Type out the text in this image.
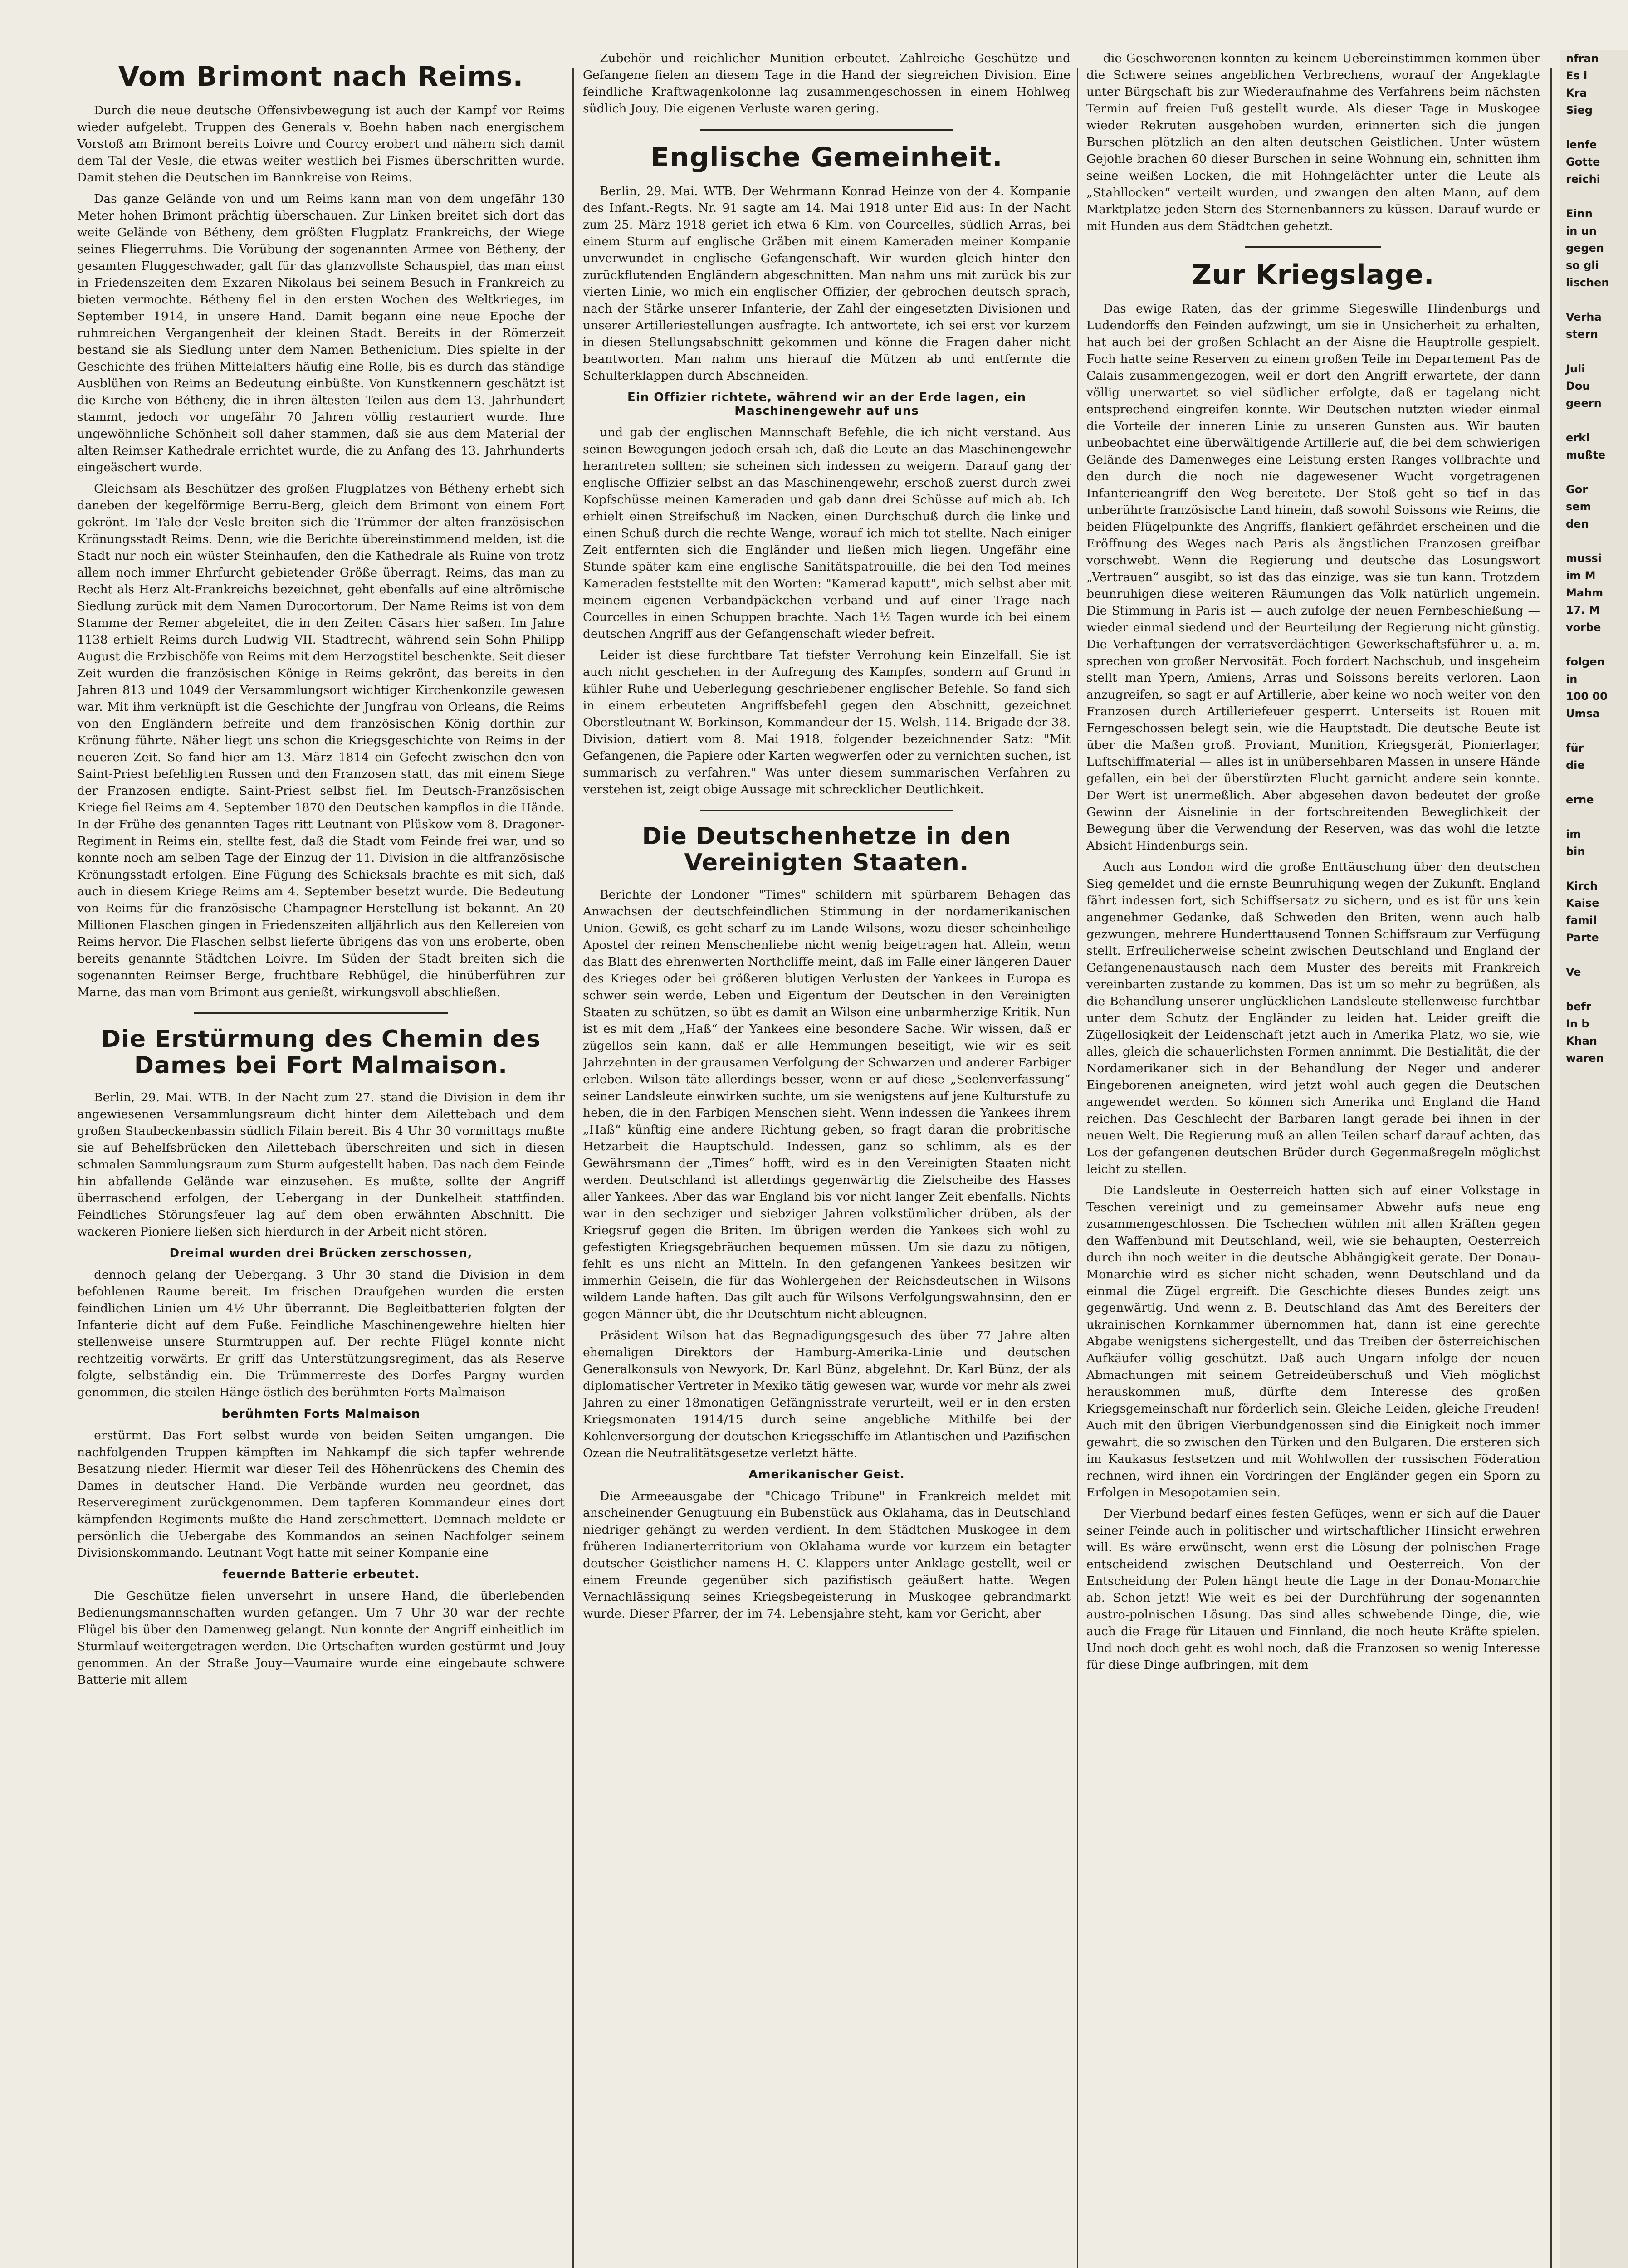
Vom Brimont nach Reims.

Durch die neue deutsche Offensivbewegung ist auch der Kampf vor Reims wieder aufgelebt. Truppen des Generals v. Boehn haben nach energischem Vorstoß am Brimont bereits Loivre und Courcy erobert und nähern sich damit dem Tal der Vesle, die etwas weiter westlich bei Fismes überschritten wurde. Damit stehen die Deutschen im Bannkreise von Reims.

Das ganze Gelände von und um Reims kann man von dem ungefähr 130 Meter hohen Brimont prächtig überschauen. Zur Linken breitet sich dort das weite Gelände von Bétheny, dem größten Flugplatz Frankreichs, der Wiege seines Fliegerruhms. Die Vorübung der sogenannten Armee von Bétheny, der gesamten Fluggeschwader, galt für das glanzvollste Schauspiel, das man einst in Friedenszeiten dem Exzaren Nikolaus bei seinem Besuch in Frankreich zu bieten vermochte. Bétheny fiel in den ersten Wochen des Weltkrieges, im September 1914, in unsere Hand. Damit begann eine neue Epoche der ruhmreichen Vergangenheit der kleinen Stadt. Bereits in der Römerzeit bestand sie als Siedlung unter dem Namen Bethenicium. Dies spielte in der Geschichte des frühen Mittelalters häufig eine Rolle, bis es durch das ständige Ausblühen von Reims an Bedeutung einbüßte. Von Kunstkennern geschätzt ist die Kirche von Bétheny, die in ihren ältesten Teilen aus dem 13. Jahrhundert stammt, jedoch vor ungefähr 70 Jahren völlig restauriert wurde. Ihre ungewöhnliche Schönheit soll daher stammen, daß sie aus dem Material der alten Reimser Kathedrale errichtet wurde, die zu Anfang des 13. Jahrhunderts eingeäschert wurde.

Gleichsam als Beschützer des großen Flugplatzes von Bétheny erhebt sich daneben der kegelförmige Berru-Berg, gleich dem Brimont von einem Fort gekrönt. Im Tale der Vesle breiten sich die Trümmer der alten französischen Krönungsstadt Reims. Denn, wie die Berichte übereinstimmend melden, ist die Stadt nur noch ein wüster Steinhaufen, den die Kathedrale als Ruine von trotz allem noch immer Ehrfurcht gebietender Größe überragt. Reims, das man zu Recht als Herz Alt-Frankreichs bezeichnet, geht ebenfalls auf eine altrömische Siedlung zurück mit dem Namen Durocortorum. Der Name Reims ist von dem Stamme der Remer abgeleitet, die in den Zeiten Cäsars hier saßen. Im Jahre 1138 erhielt Reims durch Ludwig VII. Stadtrecht, während sein Sohn Philipp August die Erzbischöfe von Reims mit dem Herzogstitel beschenkte. Seit dieser Zeit wurden die französischen Könige in Reims gekrönt, das bereits in den Jahren 813 und 1049 der Versammlungsort wichtiger Kirchenkonzile gewesen war. Mit ihm verknüpft ist die Geschichte der Jungfrau von Orleans, die Reims von den Engländern befreite und dem französischen König dorthin zur Krönung führte. Näher liegt uns schon die Kriegsgeschichte von Reims in der neueren Zeit. So fand hier am 13. März 1814 ein Gefecht zwischen den von Saint-Priest befehligten Russen und den Franzosen statt, das mit einem Siege der Franzosen endigte. Saint-Priest selbst fiel. Im Deutsch-Französischen Kriege fiel Reims am 4. September 1870 den Deutschen kampflos in die Hände. In der Frühe des genannten Tages ritt Leutnant von Plüskow vom 8. Dragoner-Regiment in Reims ein, stellte fest, daß die Stadt vom Feinde frei war, und so konnte noch am selben Tage der Einzug der 11. Division in die altfranzösische Krönungsstadt erfolgen. Eine Fügung des Schicksals brachte es mit sich, daß auch in diesem Kriege Reims am 4. September besetzt wurde. Die Bedeutung von Reims für die französische Champagner-Herstellung ist bekannt. An 20 Millionen Flaschen gingen in Friedenszeiten alljährlich aus den Kellereien von Reims hervor. Die Flaschen selbst lieferte übrigens das von uns eroberte, oben bereits genannte Städtchen Loivre. Im Süden der Stadt breiten sich die sogenannten Reimser Berge, fruchtbare Rebhügel, die hinüberführen zur Marne, das man vom Brimont aus genießt, wirkungsvoll abschließen.

Die Erstürmung des Chemin des Dames bei Fort Malmaison.

Berlin, 29. Mai. WTB. In der Nacht zum 27. stand die Division in dem ihr angewiesenen Versammlungsraum dicht hinter dem Ailettebach und dem großen Staubeckenbassin südlich Filain bereit. Bis 4 Uhr 30 vormittags mußte sie auf Behelfsbrücken den Ailettebach überschreiten und sich in diesen schmalen Sammlungsraum zum Sturm aufgestellt haben. Das nach dem Feinde hin abfallende Gelände war einzusehen. Es mußte, sollte der Angriff überraschend erfolgen, der Uebergang in der Dunkelheit stattfinden. Feindliches Störungsfeuer lag auf dem oben erwähnten Abschnitt. Die wackeren Pioniere ließen sich hierdurch in der Arbeit nicht stören.

Dreimal wurden drei Brücken zerschossen,

dennoch gelang der Uebergang. 3 Uhr 30 stand die Division in dem befohlenen Raume bereit. Im frischen Draufgehen wurden die ersten feindlichen Linien um 4½ Uhr überrannt. Die Begleitbatterien folgten der Infanterie dicht auf dem Fuße. Feindliche Maschinengewehre hielten hier stellenweise unsere Sturmtruppen auf. Der rechte Flügel konnte nicht rechtzeitig vorwärts. Er griff das Unterstützungsregiment, das als Reserve folgte, selbständig ein. Die Trümmerreste des Dorfes Pargny wurden genommen, die steilen Hänge östlich des berühmten Forts Malmaison

berühmten Forts Malmaison

erstürmt. Das Fort selbst wurde von beiden Seiten umgangen. Die nachfolgenden Truppen kämpften im Nahkampf die sich tapfer wehrende Besatzung nieder. Hiermit war dieser Teil des Höhenrückens des Chemin des Dames in deutscher Hand. Die Verbände wurden neu geordnet, das Reserveregiment zurückgenommen. Dem tapferen Kommandeur eines dort kämpfenden Regiments mußte die Hand zerschmettert. Demnach meldete er persönlich die Uebergabe des Kommandos an seinen Nachfolger seinem Divisionskommando. Leutnant Vogt hatte mit seiner Kompanie eine

feuernde Batterie erbeutet.

Die Geschütze fielen unversehrt in unsere Hand, die überlebenden Bedienungsmannschaften wurden gefangen. Um 7 Uhr 30 war der rechte Flügel bis über den Damenweg gelangt. Nun konnte der Angriff einheitlich im Sturmlauf weitergetragen werden. Die Ortschaften wurden gestürmt und Jouy genommen. An der Straße Jouy—Vaumaire wurde eine eingebaute schwere Batterie mit allem

Zubehör und reichlicher Munition erbeutet. Zahlreiche Geschütze und Gefangene fielen an diesem Tage in die Hand der siegreichen Division. Eine feindliche Kraftwagenkolonne lag zusammengeschossen in einem Hohlweg südlich Jouy. Die eigenen Verluste waren gering.

Englische Gemeinheit.

Berlin, 29. Mai. WTB. Der Wehrmann Konrad Heinze von der 4. Kompanie des Infant.-Regts. Nr. 91 sagte am 14. Mai 1918 unter Eid aus: In der Nacht zum 25. März 1918 geriet ich etwa 6 Klm. von Courcelles, südlich Arras, bei einem Sturm auf englische Gräben mit einem Kameraden meiner Kompanie unverwundet in englische Gefangenschaft. Wir wurden gleich hinter den zurückflutenden Engländern abgeschnitten. Man nahm uns mit zurück bis zur vierten Linie, wo mich ein englischer Offizier, der gebrochen deutsch sprach, nach der Stärke unserer Infanterie, der Zahl der eingesetzten Divisionen und unserer Artilleriestellungen ausfragte. Ich antwortete, ich sei erst vor kurzem in diesen Stellungsabschnitt gekommen und könne die Fragen daher nicht beantworten. Man nahm uns hierauf die Mützen ab und entfernte die Schulterklappen durch Abschneiden.

Ein Offizier richtete, während wir an der Erde lagen, ein Maschinengewehr auf uns

und gab der englischen Mannschaft Befehle, die ich nicht verstand. Aus seinen Bewegungen jedoch ersah ich, daß die Leute an das Maschinengewehr herantreten sollten; sie scheinen sich indessen zu weigern. Darauf gang der englische Offizier selbst an das Maschinengewehr, erschoß zuerst durch zwei Kopfschüsse meinen Kameraden und gab dann drei Schüsse auf mich ab. Ich erhielt einen Streifschuß im Nacken, einen Durchschuß durch die linke und einen Schuß durch die rechte Wange, worauf ich mich tot stellte. Nach einiger Zeit entfernten sich die Engländer und ließen mich liegen. Ungefähr eine Stunde später kam eine englische Sanitätspatrouille, die bei den Tod meines Kameraden feststellte mit den Worten: "Kamerad kaputt", mich selbst aber mit meinem eigenen Verbandpäckchen verband und auf einer Trage nach Courcelles in einen Schuppen brachte. Nach 1½ Tagen wurde ich bei einem deutschen Angriff aus der Gefangenschaft wieder befreit.

Leider ist diese furchtbare Tat tiefster Verrohung kein Einzelfall. Sie ist auch nicht geschehen in der Aufregung des Kampfes, sondern auf Grund in kühler Ruhe und Ueberlegung geschriebener englischer Befehle. So fand sich in einem erbeuteten Angriffsbefehl gegen den Abschnitt, gezeichnet Oberstleutnant W. Borkinson, Kommandeur der 15. Welsh. 114. Brigade der 38. Division, datiert vom 8. Mai 1918, folgender bezeichnender Satz: "Mit Gefangenen, die Papiere oder Karten wegwerfen oder zu vernichten suchen, ist summarisch zu verfahren." Was unter diesem summarischen Verfahren zu verstehen ist, zeigt obige Aussage mit schrecklicher Deutlichkeit.

Die Deutschenhetze in den Vereinigten Staaten.

Berichte der Londoner "Times" schildern mit spürbarem Behagen das Anwachsen der deutschfeindlichen Stimmung in der nordamerikanischen Union. Gewiß, es geht scharf zu im Lande Wilsons, wozu dieser scheinheilige Apostel der reinen Menschenliebe nicht wenig beigetragen hat. Allein, wenn das Blatt des ehrenwerten Northcliffe meint, daß im Falle einer längeren Dauer des Krieges oder bei größeren blutigen Verlusten der Yankees in Europa es schwer sein werde, Leben und Eigentum der Deutschen in den Vereinigten Staaten zu schützen, so übt es damit an Wilson eine unbarmherzige Kritik. Nun ist es mit dem „Haß“ der Yankees eine besondere Sache. Wir wissen, daß er zügellos sein kann, daß er alle Hemmungen beseitigt, wie wir es seit Jahrzehnten in der grausamen Verfolgung der Schwarzen und anderer Farbiger erleben. Wilson täte allerdings besser, wenn er auf diese „Seelenverfassung“ seiner Landsleute einwirken suchte, um sie wenigstens auf jene Kulturstufe zu heben, die in den Farbigen Menschen sieht. Wenn indessen die Yankees ihrem „Haß“ künftig eine andere Richtung geben, so fragt daran die probritische Hetzarbeit die Hauptschuld. Indessen, ganz so schlimm, als es der Gewährsmann der „Times“ hofft, wird es in den Vereinigten Staaten nicht werden. Deutschland ist allerdings gegenwärtig die Zielscheibe des Hasses aller Yankees. Aber das war England bis vor nicht langer Zeit ebenfalls. Nichts war in den sechziger und siebziger Jahren volkstümlicher drüben, als der Kriegsruf gegen die Briten. Im übrigen werden die Yankees sich wohl zu gefestigten Kriegsgebräuchen bequemen müssen. Um sie dazu zu nötigen, fehlt es uns nicht an Mitteln. In den gefangenen Yankees besitzen wir immerhin Geiseln, die für das Wohlergehen der Reichsdeutschen in Wilsons wildem Lande haften. Das gilt auch für Wilsons Verfolgungswahnsinn, den er gegen Männer übt, die ihr Deutschtum nicht ableugnen.

Präsident Wilson hat das Begnadigungsgesuch des über 77 Jahre alten ehemaligen Direktors der Hamburg-Amerika-Linie und deutschen Generalkonsuls von Newyork, Dr. Karl Bünz, abgelehnt. Dr. Karl Bünz, der als diplomatischer Vertreter in Mexiko tätig gewesen war, wurde vor mehr als zwei Jahren zu einer 18monatigen Gefängnisstrafe verurteilt, weil er in den ersten Kriegsmonaten 1914/15 durch seine angebliche Mithilfe bei der Kohlenversorgung der deutschen Kriegsschiffe im Atlantischen und Pazifischen Ozean die Neutralitätsgesetze verletzt hätte.

Amerikanischer Geist.

Die Armeeausgabe der "Chicago Tribune" in Frankreich meldet mit anscheinender Genugtuung ein Bubenstück aus Oklahama, das in Deutschland niedriger gehängt zu werden verdient. In dem Städtchen Muskogee in dem früheren Indianerterritorium von Oklahama wurde vor kurzem ein betagter deutscher Geistlicher namens H. C. Klappers unter Anklage gestellt, weil er einem Freunde gegenüber sich pazifistisch geäußert hatte. Wegen Vernachlässigung seines Kriegsbegeisterung in Muskogee gebrandmarkt wurde. Dieser Pfarrer, der im 74. Lebensjahre steht, kam vor Gericht, aber

die Geschworenen konnten zu keinem Uebereinstimmen kommen über die Schwere seines angeblichen Verbrechens, worauf der Angeklagte unter Bürgschaft bis zur Wiederaufnahme des Verfahrens beim nächsten Termin auf freien Fuß gestellt wurde. Als dieser Tage in Muskogee wieder Rekruten ausgehoben wurden, erinnerten sich die jungen Burschen plötzlich an den alten deutschen Geistlichen. Unter wüstem Gejohle brachen 60 dieser Burschen in seine Wohnung ein, schnitten ihm seine weißen Locken, die mit Hohngelächter unter die Leute als „Stahllocken“ verteilt wurden, und zwangen den alten Mann, auf dem Marktplatze jeden Stern des Sternenbanners zu küssen. Darauf wurde er mit Hunden aus dem Städtchen gehetzt.

Zur Kriegslage.

Das ewige Raten, das der grimme Siegeswille Hindenburgs und Ludendorffs den Feinden aufzwingt, um sie in Unsicherheit zu erhalten, hat auch bei der großen Schlacht an der Aisne die Hauptrolle gespielt. Foch hatte seine Reserven zu einem großen Teile im Departement Pas de Calais zusammengezogen, weil er dort den Angriff erwartete, der dann völlig unerwartet so viel südlicher erfolgte, daß er tagelang nicht entsprechend eingreifen konnte. Wir Deutschen nutzten wieder einmal die Vorteile der inneren Linie zu unseren Gunsten aus. Wir bauten unbeobachtet eine überwältigende Artillerie auf, die bei dem schwierigen Gelände des Damenweges eine Leistung ersten Ranges vollbrachte und den durch die noch nie dagewesener Wucht vorgetragenen Infanterieangriff den Weg bereitete. Der Stoß geht so tief in das unberührte französische Land hinein, daß sowohl Soissons wie Reims, die beiden Flügelpunkte des Angriffs, flankiert gefährdet erscheinen und die Eröffnung des Weges nach Paris als ängstlichen Franzosen greifbar vorschwebt. Wenn die Regierung und deutsche das Losungswort „Vertrauen“ ausgibt, so ist das das einzige, was sie tun kann. Trotzdem beunruhigen diese weiteren Räumungen das Volk natürlich ungemein. Die Stimmung in Paris ist — auch zufolge der neuen Fernbeschießung — wieder einmal siedend und der Beurteilung der Regierung nicht günstig. Die Verhaftungen der verratsverdächtigen Gewerkschaftsführer u. a. m. sprechen von großer Nervosität. Foch fordert Nachschub, und insgeheim stellt man Ypern, Amiens, Arras und Soissons bereits verloren. Laon anzugreifen, so sagt er auf Artillerie, aber keine wo noch weiter von den Franzosen durch Artilleriefeuer gesperrt. Unterseits ist Rouen mit Ferngeschossen belegt sein, wie die Hauptstadt. Die deutsche Beute ist über die Maßen groß. Proviant, Munition, Kriegsgerät, Pionierlager, Luftschiffmaterial — alles ist in unübersehbaren Massen in unsere Hände gefallen, ein bei der überstürzten Flucht garnicht andere sein konnte. Der Wert ist unermeßlich. Aber abgesehen davon bedeutet der große Gewinn der Aisnelinie in der fortschreitenden Beweglichkeit der Bewegung über die Verwendung der Reserven, was das wohl die letzte Absicht Hindenburgs sein.

Auch aus London wird die große Enttäuschung über den deutschen Sieg gemeldet und die ernste Beunruhigung wegen der Zukunft. England fährt indessen fort, sich Schiffsersatz zu sichern, und es ist für uns kein angenehmer Gedanke, daß Schweden den Briten, wenn auch halb gezwungen, mehrere Hunderttausend Tonnen Schiffsraum zur Verfügung stellt. Erfreulicherweise scheint zwischen Deutschland und England der Gefangenenaustausch nach dem Muster des bereits mit Frankreich vereinbarten zustande zu kommen. Das ist um so mehr zu begrüßen, als die Behandlung unserer unglücklichen Landsleute stellenweise furchtbar unter dem Schutz der Engländer zu leiden hat. Leider greift die Zügellosigkeit der Leidenschaft jetzt auch in Amerika Platz, wo sie, wie alles, gleich die schauerlichsten Formen annimmt. Die Bestialität, die der Nordamerikaner sich in der Behandlung der Neger und anderer Eingeborenen aneigneten, wird jetzt wohl auch gegen die Deutschen angewendet werden. So können sich Amerika und England die Hand reichen. Das Geschlecht der Barbaren langt gerade bei ihnen in der neuen Welt. Die Regierung muß an allen Teilen scharf darauf achten, das Los der gefangenen deutschen Brüder durch Gegenmaßregeln möglichst leicht zu stellen.

Die Landsleute in Oesterreich hatten sich auf einer Volkstage in Teschen vereinigt und zu gemeinsamer Abwehr aufs neue eng zusammengeschlossen. Die Tschechen wühlen mit allen Kräften gegen den Waffenbund mit Deutschland, weil, wie sie behaupten, Oesterreich durch ihn noch weiter in die deutsche Abhängigkeit gerate. Der Donau-Monarchie wird es sicher nicht schaden, wenn Deutschland und da einmal die Zügel ergreift. Die Geschichte dieses Bundes zeigt uns gegenwärtig. Und wenn z. B. Deutschland das Amt des Bereiters der ukrainischen Kornkammer übernommen hat, dann ist eine gerechte Abgabe wenigstens sichergestellt, und das Treiben der österreichischen Aufkäufer völlig geschützt. Daß auch Ungarn infolge der neuen Abmachungen mit seinem Getreideüberschuß und Vieh möglichst herauskommen muß, dürfte dem Interesse des großen Kriegsgemeinschaft nur förderlich sein. Gleiche Leiden, gleiche Freuden! Auch mit den übrigen Vierbundgenossen sind die Einigkeit noch immer gewahrt, die so zwischen den Türken und den Bulgaren. Die ersteren sich im Kaukasus festsetzen und mit Wohlwollen der russischen Föderation rechnen, wird ihnen ein Vordringen der Engländer gegen ein Sporn zu Erfolgen in Mesopotamien sein.

Der Vierbund bedarf eines festen Gefüges, wenn er sich auf die Dauer seiner Feinde auch in politischer und wirtschaftlicher Hinsicht erwehren will. Es wäre erwünscht, wenn erst die Lösung der polnischen Frage entscheidend zwischen Deutschland und Oesterreich. Von der Entscheidung der Polen hängt heute die Lage in der Donau-Monarchie ab. Schon jetzt! Wie weit es bei der Durchführung der sogenannten austro-polnischen Lösung. Das sind alles schwebende Dinge, die, wie auch die Frage für Litauen und Finnland, die noch heute Kräfte spielen. Und noch doch geht es wohl noch, daß die Franzosen so wenig Interesse für diese Dinge aufbringen, mit dem

nfran

Es i

Kra

Sieg

lenfe

Gotte

reichi

Einn

in un

gegen

so gli

lischen

Verha

stern

Juli

Dou

geern

erkl

mußte

Gor

sem

den

mussi

im M

Mahm

17. M

vorbe

folgen

in

100 00

Umsa

für

die

erne

im

bin

Kirch

Kaise

famil

Parte

Ve

befr

In b

Khan

waren
